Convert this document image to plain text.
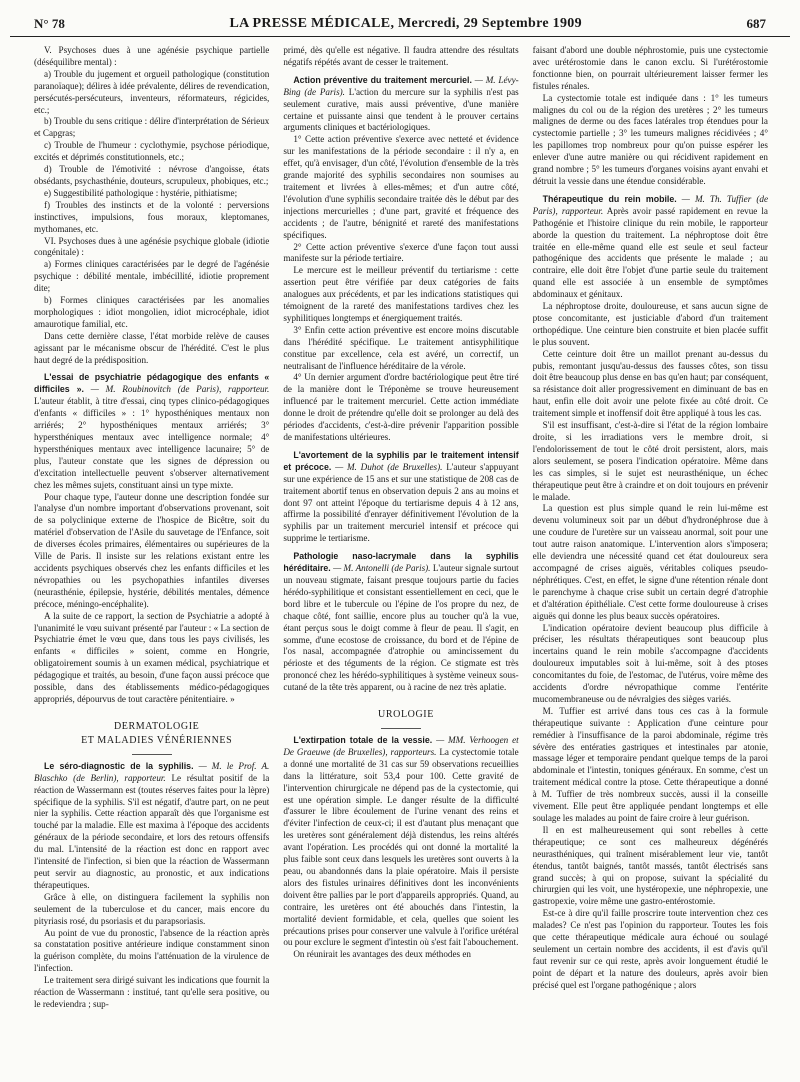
N° 78	LA PRESSE MÉDICALE, Mercredi, 29 Septembre 1909	687

V. Psychoses dues à une agénésie psychique partielle (déséquilibre mental) :

a) Trouble du jugement et orgueil pathologique (constitution paranoïaque); délires à idée prévalente, délires de revendication, persécutés-persécuteurs, inventeurs, réformateurs, régicides, etc.;

b) Trouble du sens critique : délire d'interprétation de Sérieux et Capgras;

c) Trouble de l'humeur : cyclothymie, psychose périodique, excités et déprimés constitutionnels, etc.;

d) Trouble de l'émotivité : névrose d'angoisse, états obsédants, psychasthénie, douteurs, scrupuleux, phobiques, etc.;

e) Suggestibilité pathologique : hystérie, pithiatisme;

f) Troubles des instincts et de la volonté : perversions instinctives, impulsions, fous moraux, kleptomanes, mythomanes, etc.

VI. Psychoses dues à une agénésie psychique globale (idiotie congénitale) :

a) Formes cliniques caractérisées par le degré de l'agénésie psychique : débilité mentale, imbécillité, idiotie proprement dite;

b) Formes cliniques caractérisées par les anomalies morphologiques : idiot mongolien, idiot microcéphale, idiot amaurotique familial, etc.

Dans cette dernière classe, l'état morbide relève de causes agissant par le mécanisme obscur de l'hérédité. C'est le plus haut degré de la prédisposition.

L'essai de psychiatrie pédagogique des enfants « difficiles ». — M. Roubinovitch (de Paris), rapporteur. L'auteur établit, à titre d'essai, cinq types clinico-pédagogiques d'enfants « difficiles » : 1° hyposthéniques mentaux non arriérés; 2° hyposthéniques mentaux arriérés; 3° hypersthéniques mentaux avec intelligence normale; 4° hypersthéniques mentaux avec intelligence lacunaire; 5° de plus, l'auteur constate que les signes de dépression ou d'excitation intellectuelle peuvent s'observer alternativement chez les mêmes sujets, constituant ainsi un type mixte.

Pour chaque type, l'auteur donne une description fondée sur l'analyse d'un nombre important d'observations provenant, soit de sa polyclinique externe de l'hospice de Bicêtre, soit du matériel d'observation de l'Asile du sauvetage de l'Enfance, soit de diverses écoles primaires, élémentaires ou supérieures de la Ville de Paris. Il insiste sur les relations existant entre les accidents psychiques observés chez les enfants difficiles et les névropathies ou les psychopathies infantiles diverses (neurasthénie, épilepsie, hystérie, débilités mentales, démence précoce, méningo-encéphalite).

A la suite de ce rapport, la section de Psychiatrie a adopté à l'unanimité le vœu suivant présenté par l'auteur : « La section de Psychiatrie émet le vœu que, dans tous les pays civilisés, les enfants « difficiles » soient, comme en Hongrie, obligatoirement soumis à un examen médical, psychiatrique et pédagogique et traités, au besoin, d'une façon aussi précoce que possible, dans des établissements médico-pédagogiques appropriés, dépourvus de tout caractère pénitentiaire. »

DERMATOLOGIE

ET MALADIES VÉNÉRIENNES

Le séro-diagnostic de la syphilis. — M. le Prof. A. Blaschko (de Berlin), rapporteur. Le résultat positif de la réaction de Wassermann est (toutes réserves faites pour la lèpre) spécifique de la syphilis. S'il est négatif, d'autre part, on ne peut nier la syphilis. Cette réaction apparaît dès que l'organisme est touché par la maladie. Elle est maxima à l'époque des accidents généraux de la période secondaire, et lors des retours offensifs du mal. L'intensité de la réaction est donc en rapport avec l'intensité de l'infection, si bien que la réaction de Wassermann peut servir au diagnostic, au pronostic, et aux indications thérapeutiques.

Grâce à elle, on distinguera facilement la syphilis non seulement de la tuberculose et du cancer, mais encore du pityriasis rosé, du psoriasis et du parapsoriasis.

Au point de vue du pronostic, l'absence de la réaction après sa constatation positive antérieure indique constamment sinon la guérison complète, du moins l'atténuation de la virulence de l'infection.

Le traitement sera dirigé suivant les indications que fournit la réaction de Wassermann : institué, tant qu'elle sera positive, ou le redeviendra ; sup-

primé, dès qu'elle est négative. Il faudra attendre des résultats négatifs répétés avant de cesser le traitement.

Action préventive du traitement mercuriel. — M. Lévy-Bing (de Paris). L'action du mercure sur la syphilis n'est pas seulement curative, mais aussi préventive, d'une manière certaine et puissante ainsi que tendent à le prouver certains arguments cliniques et bactériologiques.

1° Cette action préventive s'exerce avec netteté et évidence sur les manifestations de la période secondaire : il n'y a, en effet, qu'à envisager, d'un côté, l'évolution d'ensemble de la très grande majorité des syphilis secondaires non soumises au traitement et livrées à elles-mêmes; et d'un autre côté, l'évolution d'une syphilis secondaire traitée dès le début par des injections mercurielles ; d'une part, gravité et fréquence des accidents ; de l'autre, bénignité et rareté des manifestations spécifiques.

2° Cette action préventive s'exerce d'une façon tout aussi manifeste sur la période tertiaire.

Le mercure est le meilleur préventif du tertiarisme : cette assertion peut être vérifiée par deux catégories de faits analogues aux précédents, et par les indications statistiques qui témoignent de la rareté des manifestations tardives chez les syphilitiques longtemps et énergiquement traités.

3° Enfin cette action préventive est encore moins discutable dans l'hérédité spécifique. Le traitement antisyphilitique constitue par excellence, cela est avéré, un correctif, un neutralisant de l'influence héréditaire de la vérole.

4° Un dernier argument d'ordre bactériologique peut être tiré de la manière dont le Tréponème se trouve heureusement influencé par le traitement mercuriel. Cette action immédiate donne le droit de prétendre qu'elle doit se prolonger au delà des périodes d'accidents, c'est-à-dire prévenir l'apparition possible de manifestations ultérieures.

L'avortement de la syphilis par le traitement intensif et précoce. — M. Duhot (de Bruxelles). L'auteur s'appuyant sur une expérience de 15 ans et sur une statistique de 208 cas de traitement abortif tenus en observation depuis 2 ans au moins et dont 97 ont atteint l'époque du tertiarisme depuis 4 à 12 ans, affirme la possibilité d'enrayer définitivement l'évolution de la syphilis par un traitement mercuriel intensif et précoce qui supprime le tertiarisme.

Pathologie naso-lacrymale dans la syphilis héréditaire. — M. Antonelli (de Paris). L'auteur signale surtout un nouveau stigmate, faisant presque toujours partie du facies hérédo-syphilitique et consistant essentiellement en ceci, que le bord libre et le tubercule ou l'épine de l'os propre du nez, de chaque côté, font saillie, encore plus au toucher qu'à la vue, étant perçus sous le doigt comme à fleur de peau. Il s'agit, en somme, d'une ecostose de croissance, du bord et de l'épine de l'os nasal, accompagnée d'atrophie ou amincissement du périoste et des téguments de la région. Ce stigmate est très prononcé chez les hérédo-syphilitiques à système veineux sous-cutané de la tête très apparent, ou à racine de nez très aplatie.

UROLOGIE

L'extirpation totale de la vessie. — MM. Verhoogen et De Graeuwe (de Bruxelles), rapporteurs. La cystectomie totale a donné une mortalité de 31 cas sur 59 observations recueillies dans la littérature, soit 53,4 pour 100. Cette gravité de l'intervention chirurgicale ne dépend pas de la cystectomie, qui est une opération simple. Le danger résulte de la difficulté d'assurer le libre écoulement de l'urine venant des reins et d'éviter l'infection de ceux-ci; il est d'autant plus menaçant que les uretères sont généralement déjà distendus, les reins altérés avant l'opération. Les procédés qui ont donné la mortalité la plus faible sont ceux dans lesquels les uretères sont ouverts à la peau, ou abandonnés dans la plaie opératoire. Mais il persiste alors des fistules urinaires définitives dont les inconvénients doivent être pallies par le port d'appareils appropriés. Quand, au contraire, les uretères ont été abouchés dans l'intestin, la mortalité devient formidable, et cela, quelles que soient les précautions prises pour conserver une valvule à l'orifice urétéral ou pour exclure le segment d'intestin où s'est fait l'abouchement.

On réunirait les avantages des deux méthodes en

faisant d'abord une double néphrostomie, puis une cystectomie avec urétérostomie dans le canon exclu. Si l'urétérostomie fonctionne bien, on pourrait ultérieurement laisser fermer les fistules rénales.

La cystectomie totale est indiquée dans : 1° les tumeurs malignes du col ou de la région des uretères ; 2° les tumeurs malignes de derme ou des faces latérales trop étendues pour la cystectomie partielle ; 3° les tumeurs malignes récidivées ; 4° les papillomes trop nombreux pour qu'on puisse espérer les enlever d'une autre manière ou qui récidivent rapidement en grand nombre ; 5° les tumeurs d'organes voisins ayant envahi et détruit la vessie dans une étendue considérable.

Thérapeutique du rein mobile. — M. Th. Tuffier (de Paris), rapporteur. Après avoir passé rapidement en revue la Pathogénie et l'histoire clinique du rein mobile, le rapporteur aborde la question du traitement. La néphroptose doit être traitée en elle-même quand elle est seule et seul facteur pathogénique des accidents que présente le malade ; au contraire, elle doit être l'objet d'une partie seule du traitement quand elle est associée à un ensemble de symptômes abdominaux et génitaux.

La néphroptose droite, douloureuse, et sans aucun signe de ptose concomitante, est justiciable d'abord d'un traitement orthopédique. Une ceinture bien construite et bien placée suffit le plus souvent.

Cette ceinture doit être un maillot prenant au-dessus du pubis, remontant jusqu'au-dessus des fausses côtes, son tissu doit être beaucoup plus dense en bas qu'en haut; par conséquent, sa résistance doit aller progressivement en diminuant de bas en haut, enfin elle doit avoir une pelote fixée au côté droit. Ce traitement simple et inoffensif doit être appliqué à tous les cas.

S'il est insuffisant, c'est-à-dire si l'état de la région lombaire droite, si les irradiations vers le membre droit, si l'endolorissement de tout le côté droit persistent, alors, mais alors seulement, se posera l'indication opératoire. Même dans les cas simples, si le sujet est neurasthénique, un échec thérapeutique peut être à craindre et on doit toujours en prévenir le malade.

La question est plus simple quand le rein lui-même est devenu volumineux soit par un début d'hydronéphrose due à une coudure de l'uretère sur un vaisseau anormal, soit pour une tout autre raison anatomique. L'intervention alors s'imposera; elle deviendra une nécessité quand cet état douloureux sera accompagné de crises aiguës, véritables coliques pseudo-néphrétiques. C'est, en effet, le signe d'une rétention rénale dont le parenchyme à chaque crise subit un certain degré d'atrophie et d'altération épithéliale. C'est cette forme douloureuse à crises aiguës qui donne les plus beaux succès opératoires.

L'indication opératoire devient beaucoup plus difficile à préciser, les résultats thérapeutiques sont beaucoup plus incertains quand le rein mobile s'accompagne d'accidents douloureux imputables soit à lui-même, soit à des ptoses concomitantes du foie, de l'estomac, de l'utérus, voire même des accidents d'ordre névropathique comme l'entérite mucomembraneuse ou de névralgies des sièges variés.

M. Tuffier est arrivé dans tous ces cas à la formule thérapeutique suivante : Application d'une ceinture pour remédier à l'insuffisance de la paroi abdominale, régime très sévère des entératies gastriques et intestinales par atonie, massage léger et temporaire pendant quelque temps de la paroi abdominale et l'intestin, toniques généraux. En somme, c'est un traitement médical contre la ptose. Cette thérapeutique a donné à M. Tuffier de très nombreux succès, aussi il la conseille vivement. Elle peut être appliquée pendant longtemps et elle soulage les malades au point de faire croire à leur guérison.

Il en est malheureusement qui sont rebelles à cette thérapeutique; ce sont ces malheureux dégénérés neurasthéniques, qui traînent misérablement leur vie, tantôt étendus, tantôt baignés, tantôt massés, tantôt électrisés sans grand succès; à qui on propose, suivant la spécialité du chirurgien qui les voit, une hystéropexie, une néphropexie, une gastropexie, voire même une gastro-entérostomie.

Est-ce à dire qu'il faille proscrire toute intervention chez ces malades? Ce n'est pas l'opinion du rapporteur. Toutes les fois que cette thérapeutique médicale aura échoué ou soulagé seulement un certain nombre des accidents, il est d'avis qu'il faut revenir sur ce qui reste, après avoir longuement étudié le point de départ et la nature des douleurs, après avoir bien précisé quel est l'organe pathogénique ; alors
